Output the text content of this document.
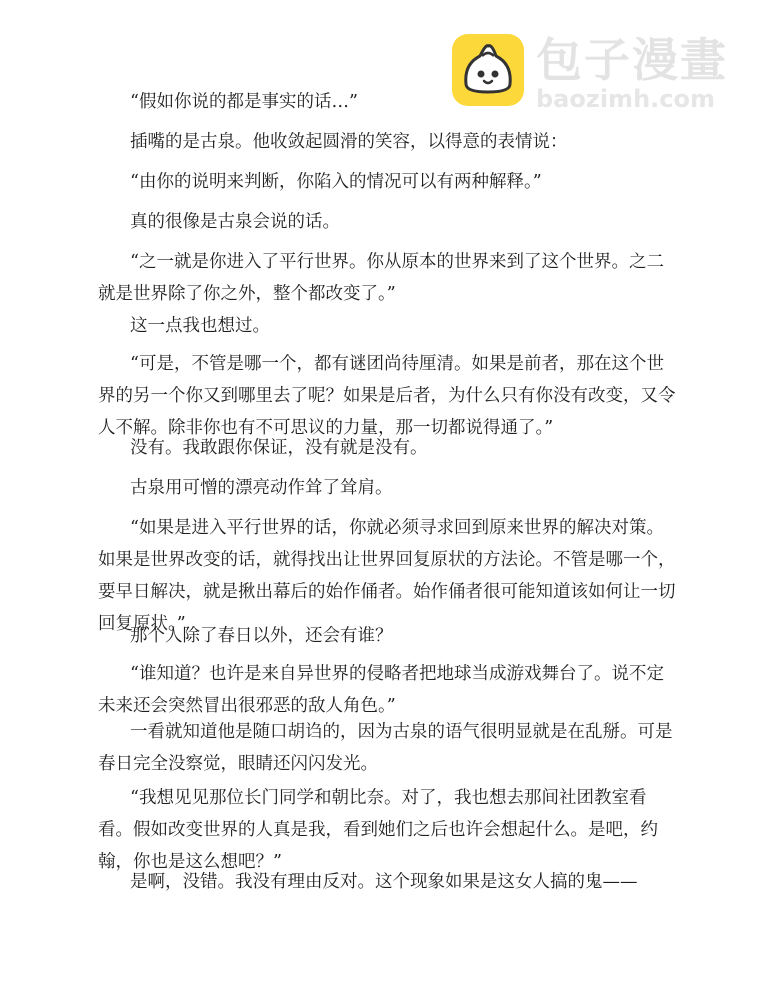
包子漫畫
baozimh.com

“假如你说的都是事实的话…”

插嘴的是古泉。他收敛起圆滑的笑容，以得意的表情说：

“由你的说明来判断，你陷入的情况可以有两种解释。”

真的很像是古泉会说的话。

“之一就是你进入了平行世界。你从原本的世界来到了这个世界。之二就是世界除了你之外，整个都改变了。”

这一点我也想过。

“可是，不管是哪一个，都有谜团尚待厘清。如果是前者，那在这个世界的另一个你又到哪里去了呢？如果是后者，为什么只有你没有改变，又令人不解。除非你也有不可思议的力量，那一切都说得通了。”

没有。我敢跟你保证，没有就是没有。

古泉用可憎的漂亮动作耸了耸肩。

“如果是进入平行世界的话，你就必须寻求回到原来世界的解决对策。如果是世界改变的话，就得找出让世界回复原状的方法论。不管是哪一个，要早日解决，就是揪出幕后的始作俑者。始作俑者很可能知道该如何让一切回复原状。”

那个人除了春日以外，还会有谁？

“谁知道？也许是来自异世界的侵略者把地球当成游戏舞台了。说不定未来还会突然冒出很邪恶的敌人角色。”

一看就知道他是随口胡诌的，因为古泉的语气很明显就是在乱掰。可是春日完全没察觉，眼睛还闪闪发光。

“我想见见那位长门同学和朝比奈。对了，我也想去那间社团教室看看。假如改变世界的人真是我，看到她们之后也许会想起什么。是吧，约翰，你也是这么想吧？”

是啊，没错。我没有理由反对。这个现象如果是这女人搞的鬼——
